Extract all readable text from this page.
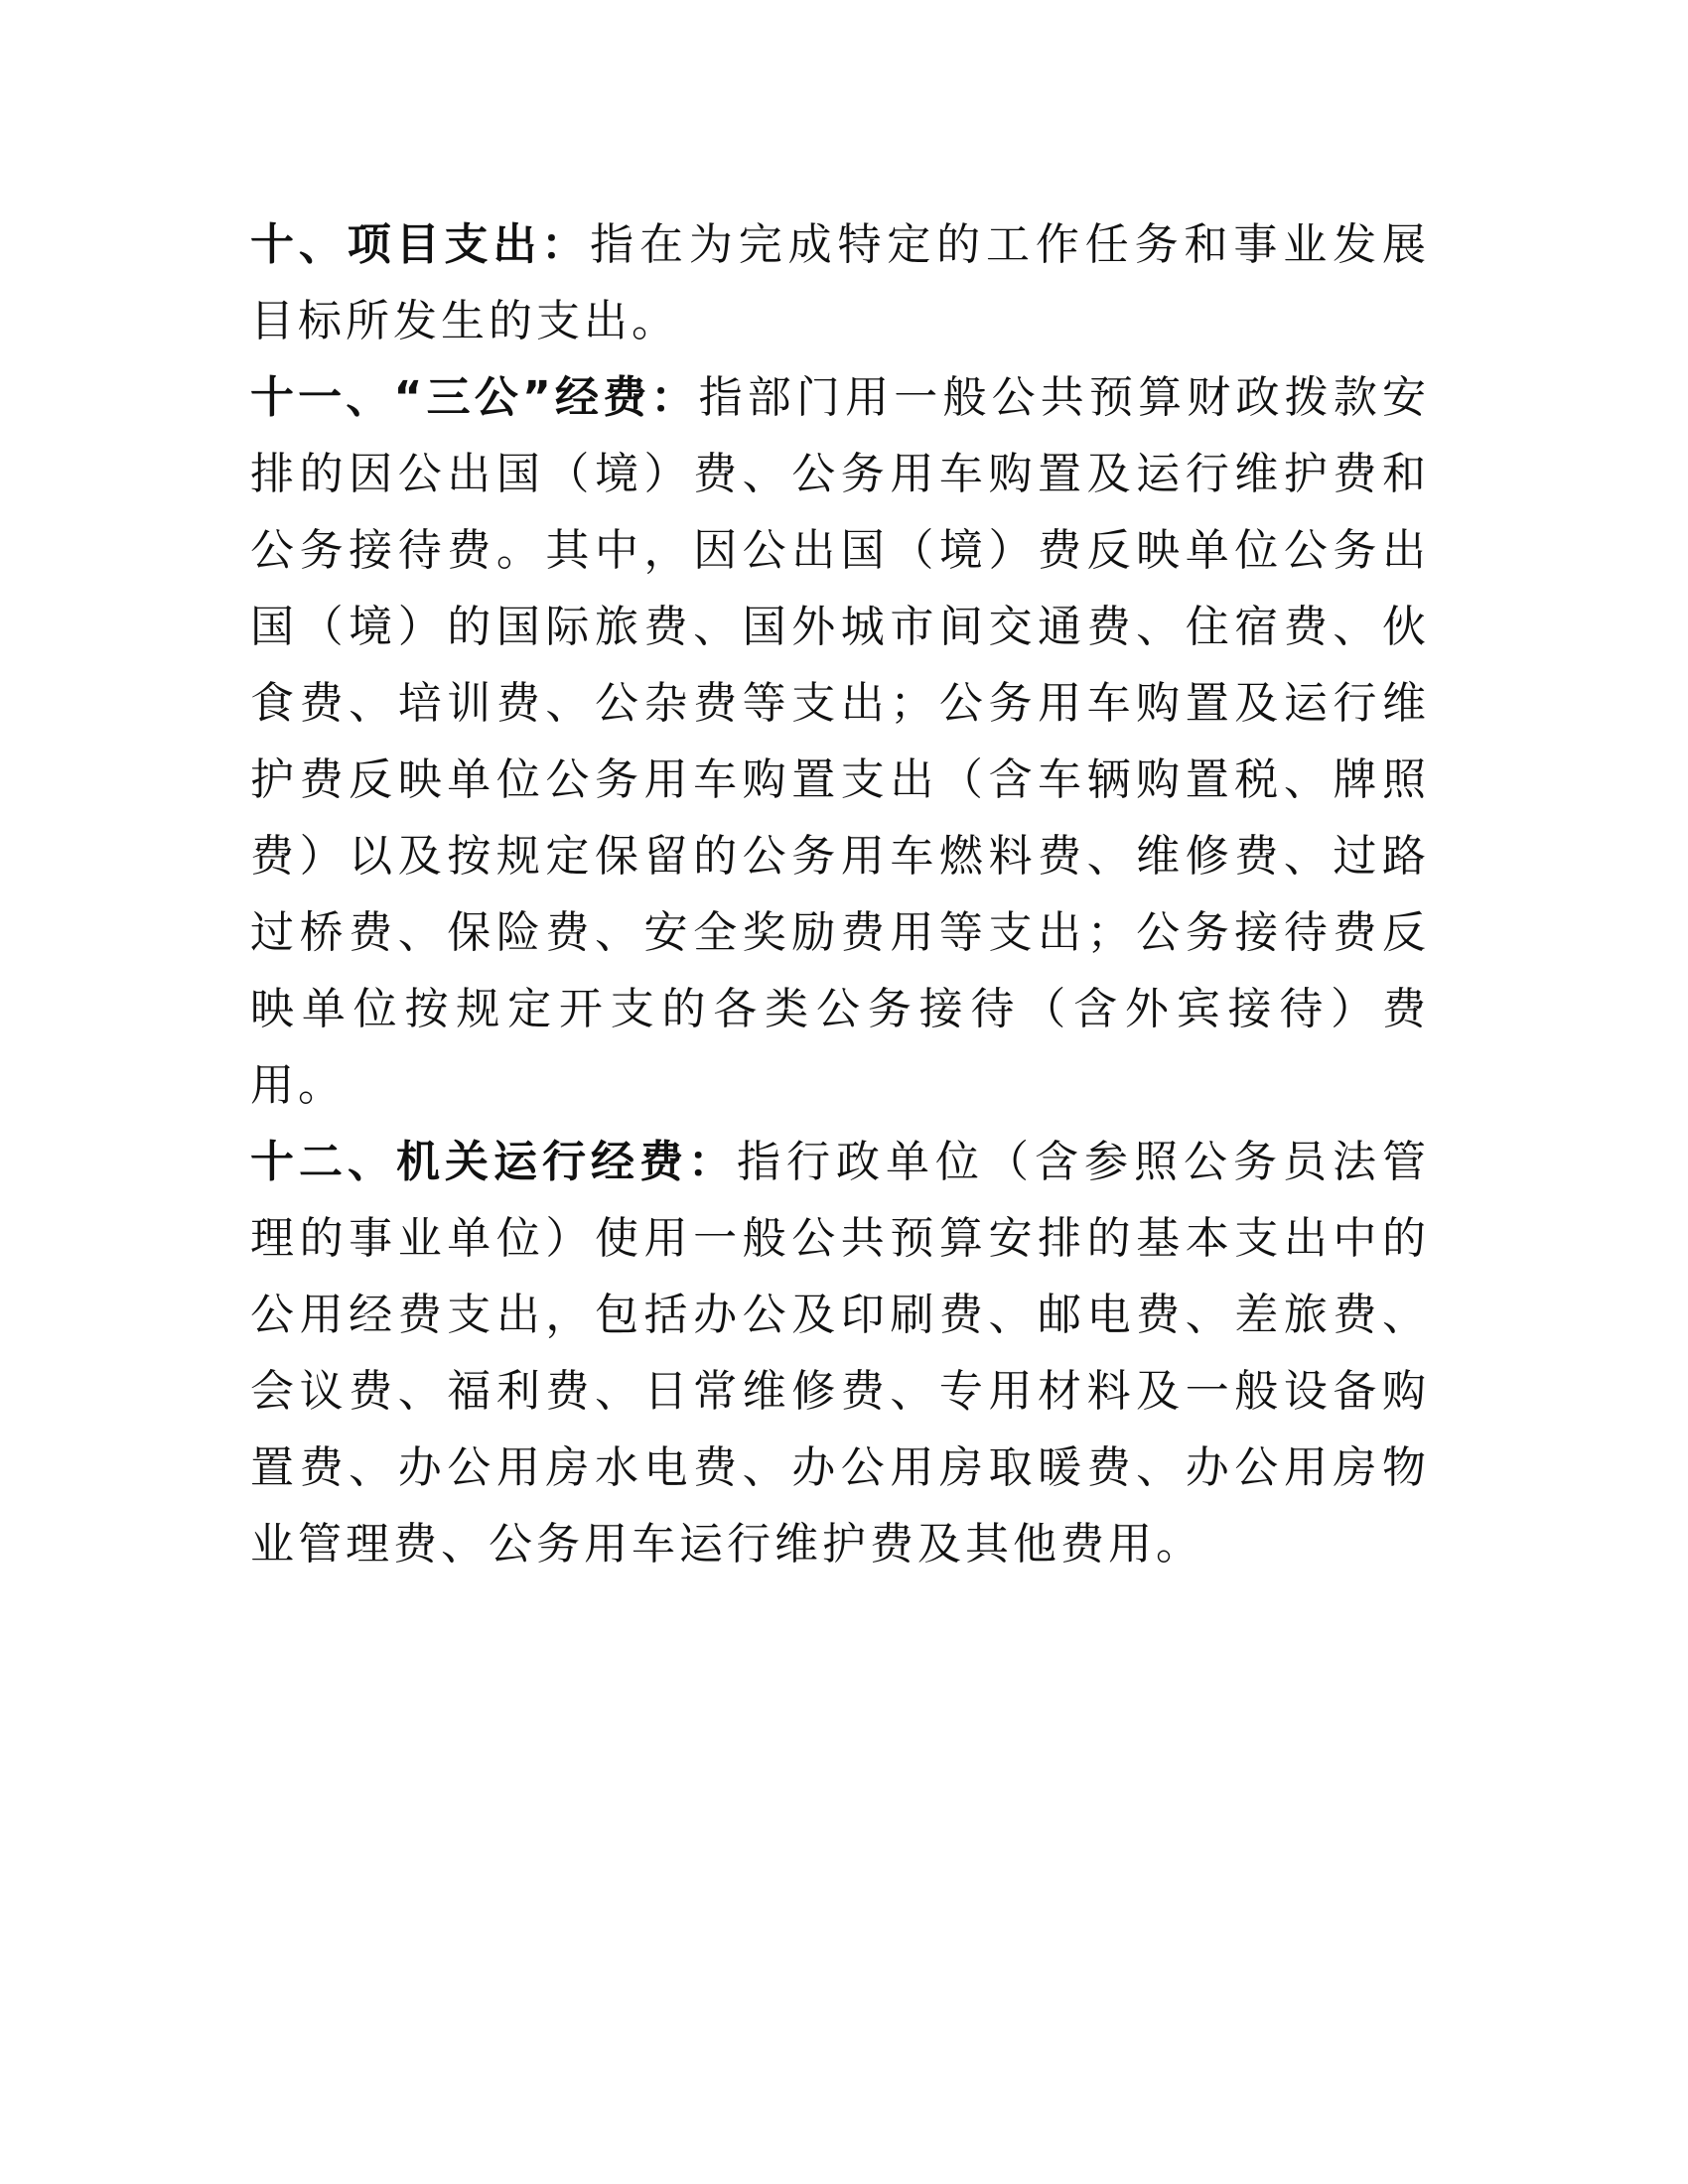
十、项目支出：指在为完成特定的工作任务和事业发展目标所发生的支出。

十一、“三公”经费：指部门用一般公共预算财政拨款安排的因公出国（境）费、公务用车购置及运行维护费和公务接待费。其中，因公出国（境）费反映单位公务出国（境）的国际旅费、国外城市间交通费、住宿费、伙食费、培训费、公杂费等支出；公务用车购置及运行维护费反映单位公务用车购置支出（含车辆购置税、牌照费）以及按规定保留的公务用车燃料费、维修费、过路过桥费、保险费、安全奖励费用等支出；公务接待费反映单位按规定开支的各类公务接待（含外宾接待）费用。

十二、机关运行经费：指行政单位（含参照公务员法管理的事业单位）使用一般公共预算安排的基本支出中的公用经费支出，包括办公及印刷费、邮电费、差旅费、会议费、福利费、日常维修费、专用材料及一般设备购置费、办公用房水电费、办公用房取暖费、办公用房物业管理费、公务用车运行维护费及其他费用。
